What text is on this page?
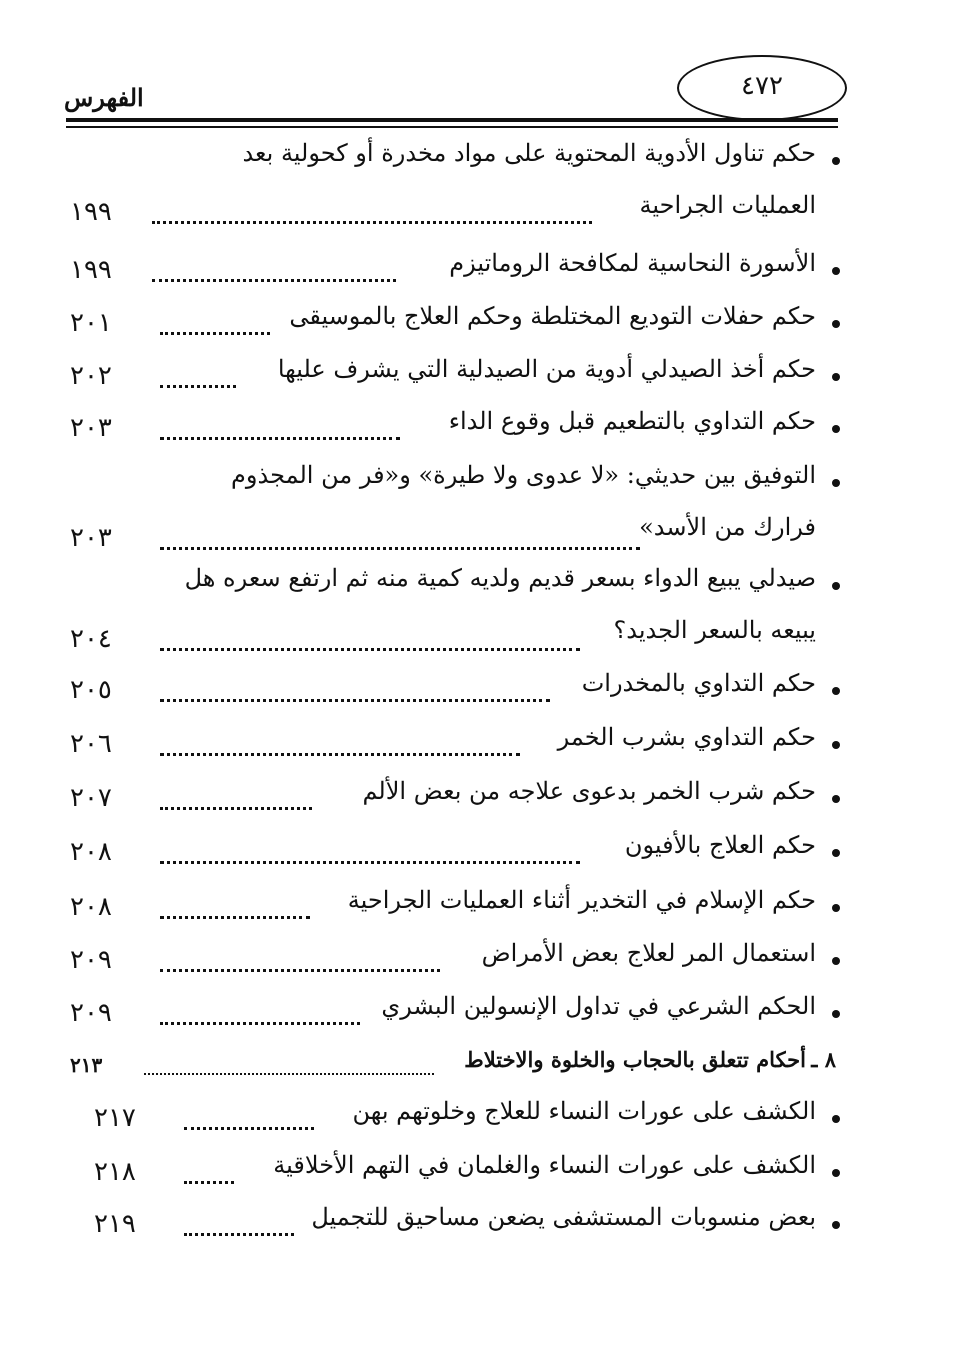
الفهرس	٤٧٢
حكم تناول الأدوية المحتوية على مواد مخدرة أو كحولية بعد
العمليات الجراحية
١٩٩
الأسورة النحاسية لمكافحة الروماتيزم
١٩٩
حكم حفلات التوديع المختلطة وحكم العلاج بالموسيقى
٢٠١
حكم أخذ الصيدلي أدوية من الصيدلية التي يشرف عليها
٢٠٢
حكم التداوي بالتطعيم قبل وقوع الداء
٢٠٣
التوفيق بين حديثي: «لا عدوى ولا طيرة» و«فر من المجذوم
فرارك من الأسد»
٢٠٣
صيدلي يبيع الدواء بسعر قديم ولديه كمية منه ثم ارتفع سعره هل
يبيعه بالسعر الجديد؟
٢٠٤
حكم التداوي بالمخدرات
٢٠٥
حكم التداوي بشرب الخمر
٢٠٦
حكم شرب الخمر بدعوى علاجه من بعض الألم
٢٠٧
حكم العلاج بالأفيون
٢٠٨
حكم الإسلام في التخدير أثناء العمليات الجراحية
٢٠٨
استعمال المر لعلاج بعض الأمراض
٢٠٩
الحكم الشرعي في تداول الإنسولين البشري
٢٠٩
٨ ـ
أحكام تتعلق بالحجاب والخلوة والاختلاط
٢١٣
الكشف على عورات النساء للعلاج وخلوتهم بهن
٢١٧
الكشف على عورات النساء والغلمان في التهم الأخلاقية
٢١٨
بعض منسوبات المستشفى يضعن مساحيق للتجميل
٢١٩
